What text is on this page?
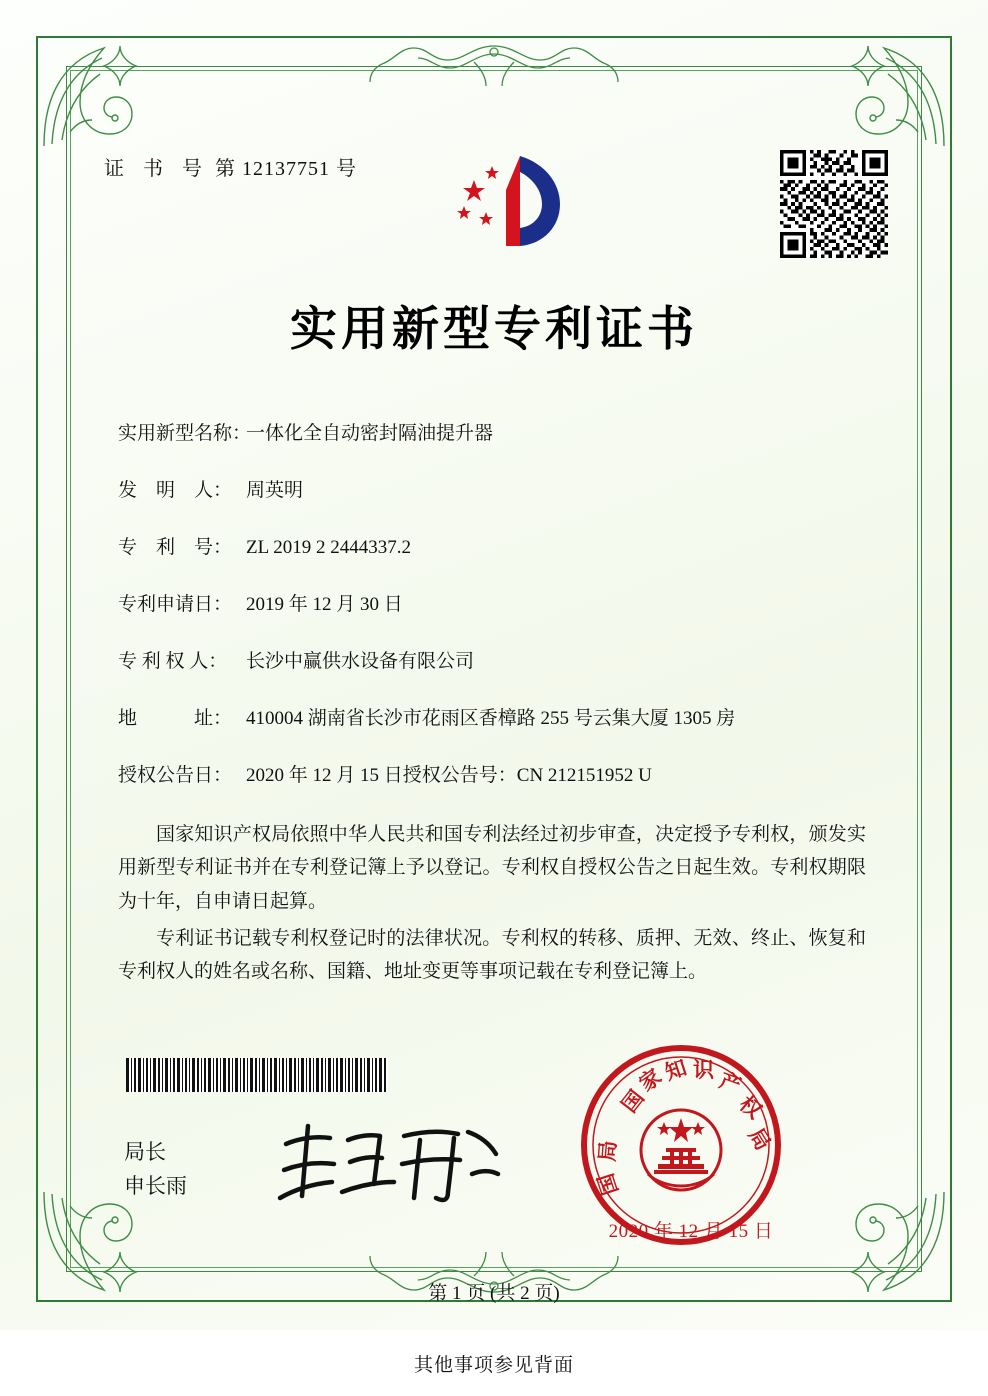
证 书 号 第 12137751 号
实用新型专利证书
实用新型名称：
一体化全自动密封隔油提升器
发　明　人： 周英明
专　利　号： ZL 2019 2 2444337.2
专利申请日： 2019 年 12 月 30 日
专 利 权 人： 长沙中赢供水设备有限公司
地　　　址： 410004 湖南省长沙市花雨区香樟路 255 号云集大厦 1305 房
授权公告日： 2020 年 12 月 15 日 授权公告号： CN 212151952 U

国家知识产权局依照中华人民共和国专利法经过初步审查，决定授予专利权，颁发实用新型专利证书并在专利登记簿上予以登记。专利权自授权公告之日起生效。专利权期限为十年，自申请日起算。

专利证书记载专利权登记时的法律状况。专利权的转移、质押、无效、终止、恢复和专利权人的姓名或名称、国籍、地址变更等事项记载在专利登记簿上。

局长
申长雨
国
家
知 识 产
权
局
局
国
2020 年 12 月 15 日
第 1 页 (共 2 页)
其他事项参见背面
